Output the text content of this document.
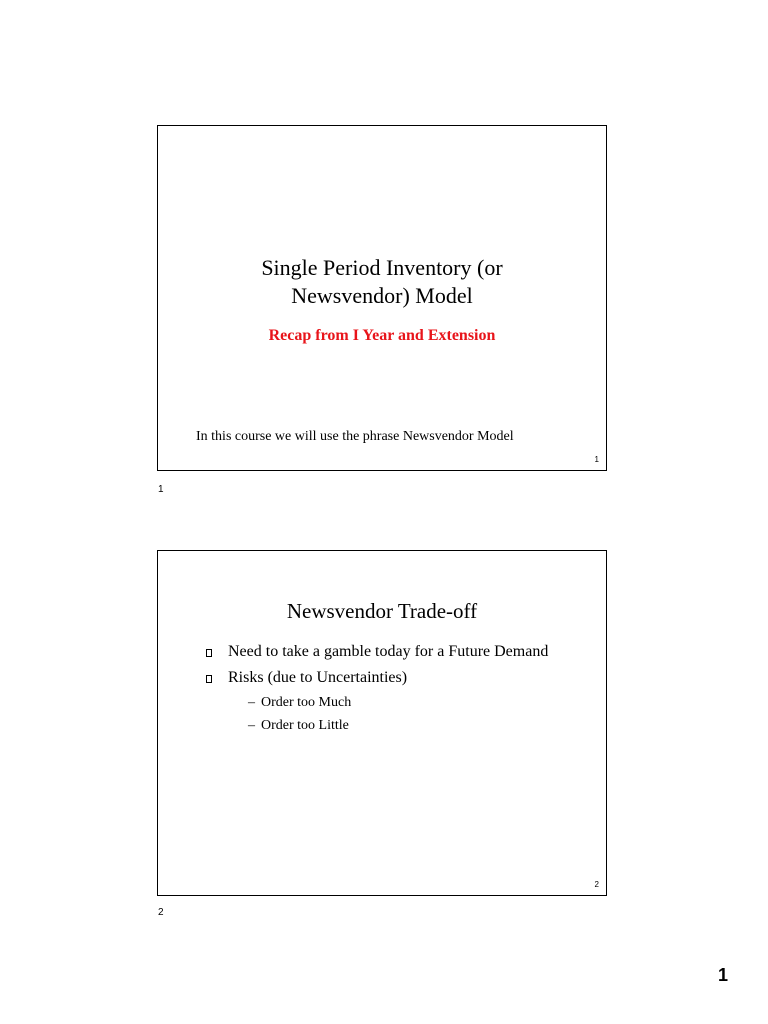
Single Period Inventory (or
Newsvendor) Model
Recap from I Year and Extension
In this course we will use the phrase Newsvendor Model
1
1
Newsvendor Trade-off
Need to take a gamble today for a Future Demand
Risks (due to Uncertainties)
– Order too Much
– Order too Little
2
2
1
